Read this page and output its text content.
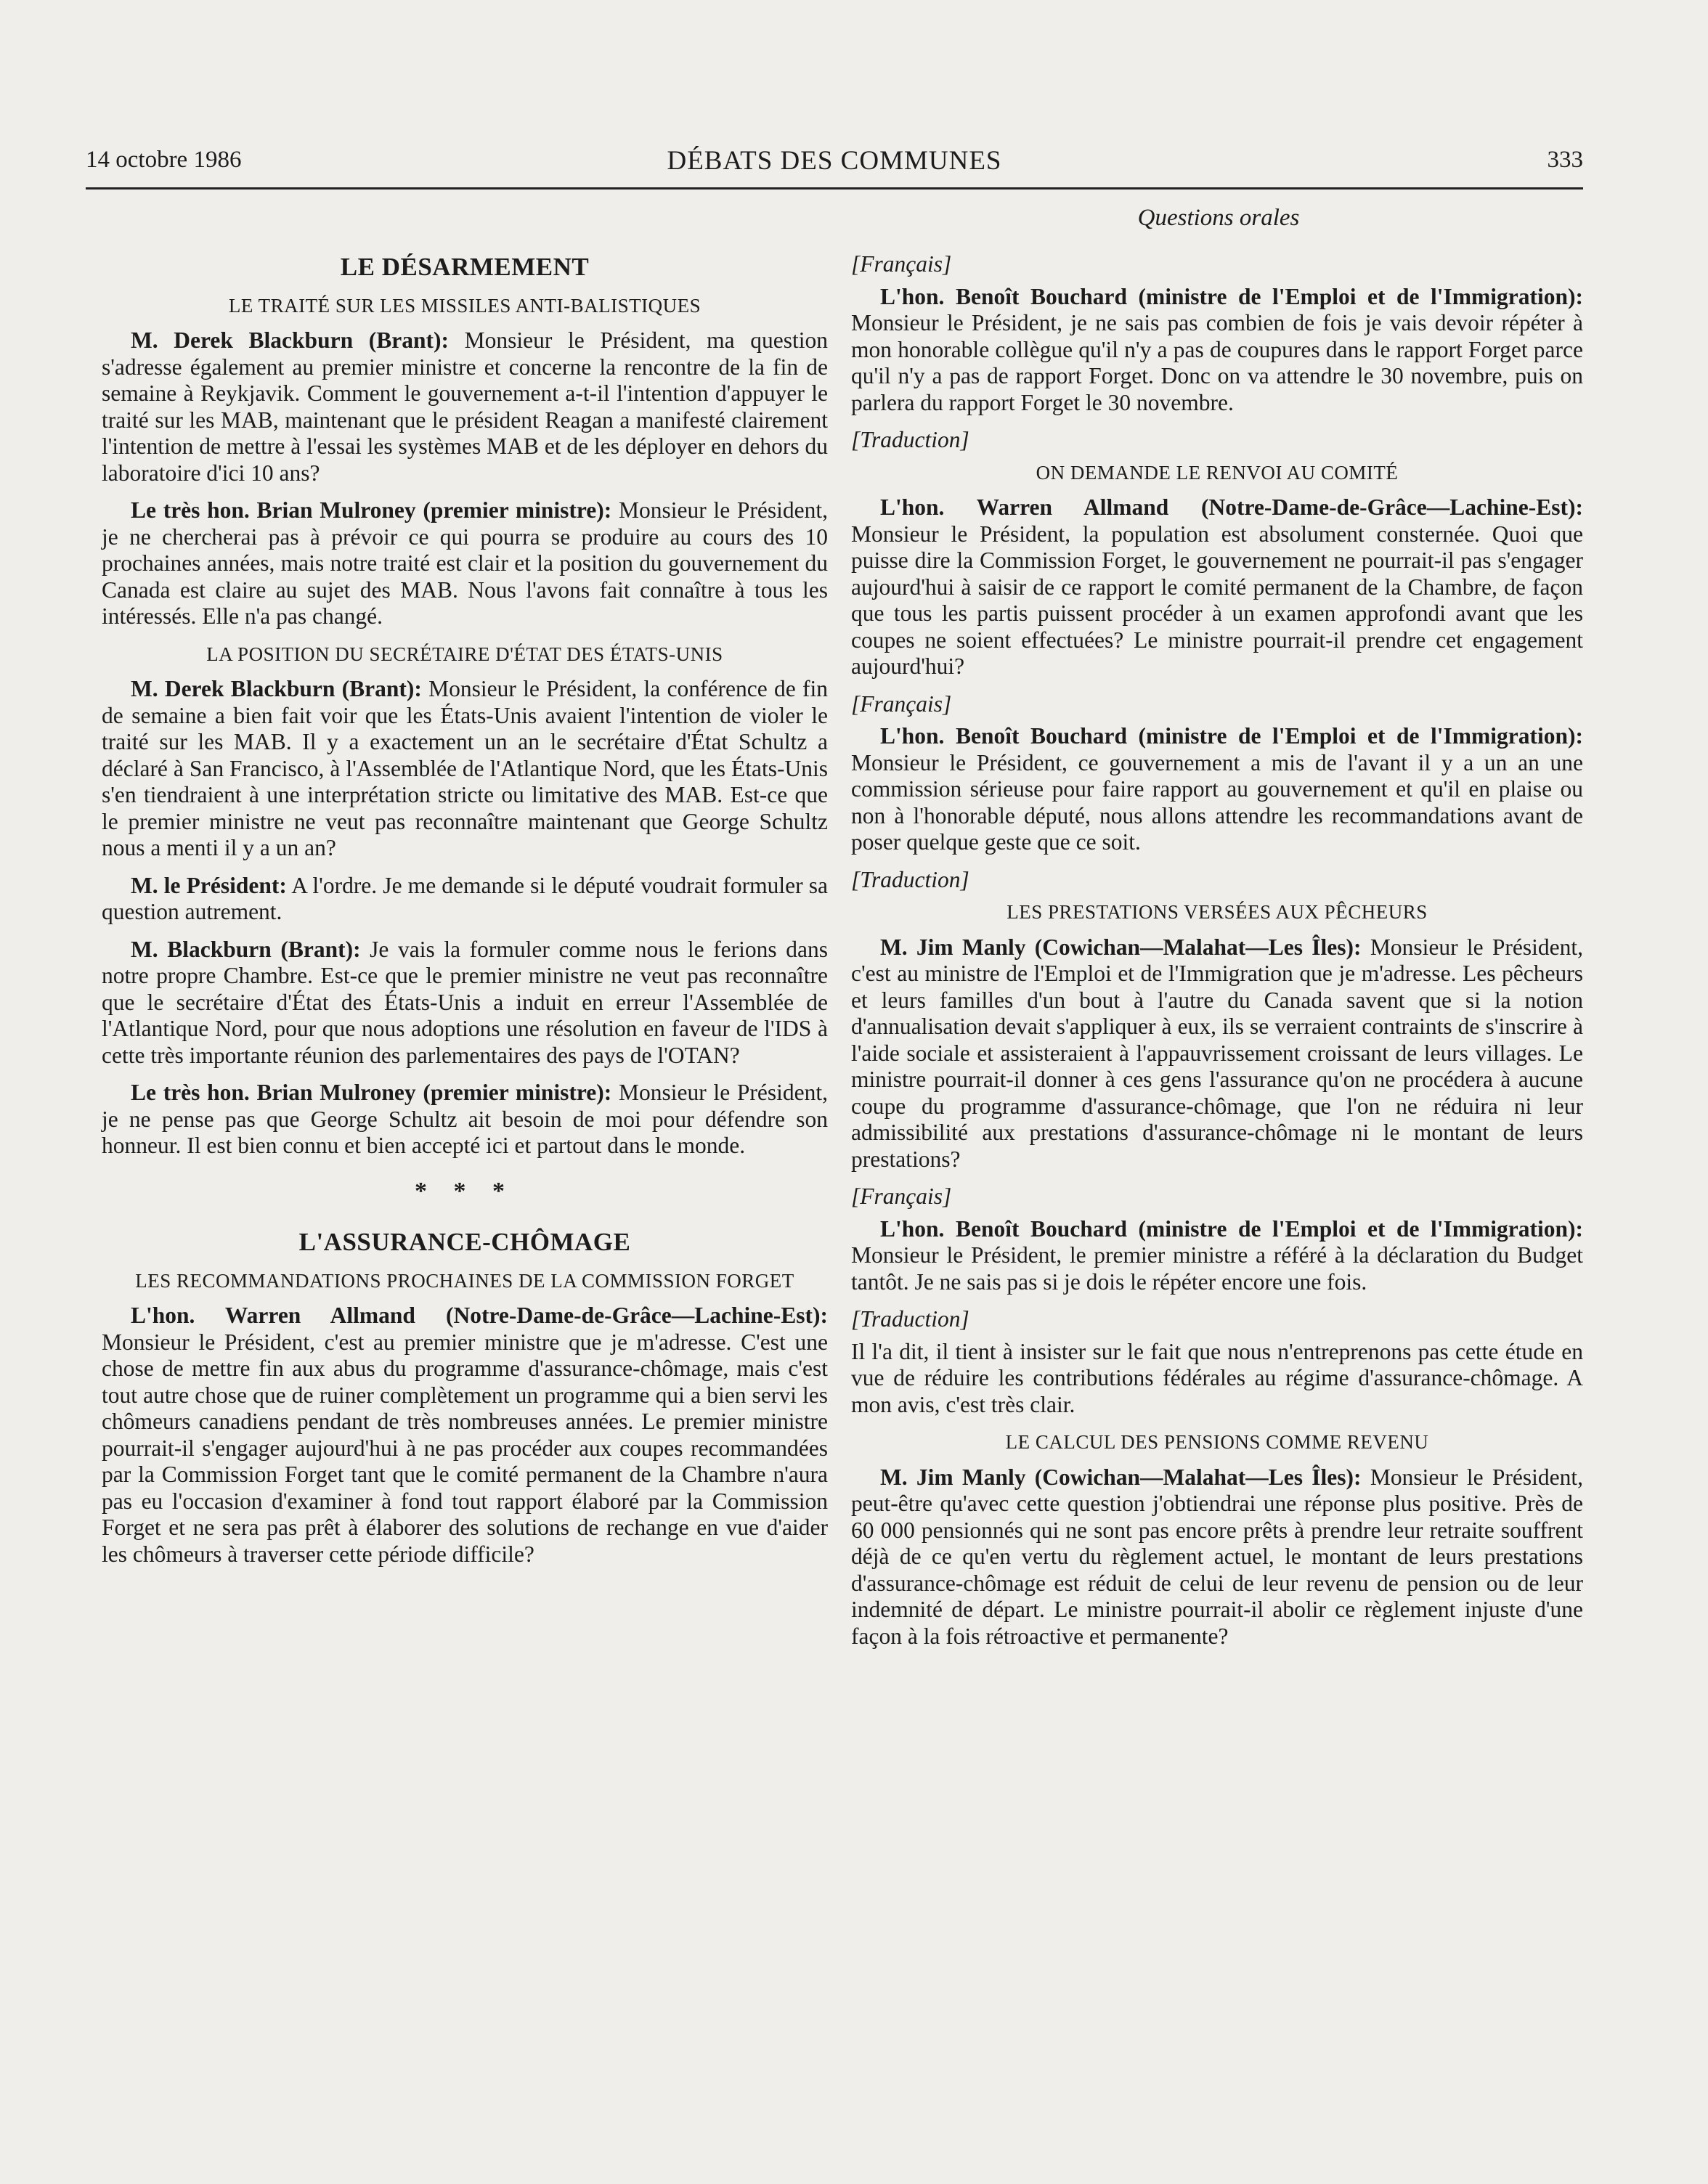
14 octobre 1986	DÉBATS DES COMMUNES	333
Questions orales
LE DÉSARMEMENT
LE TRAITÉ SUR LES MISSILES ANTI-BALISTIQUES

M. Derek Blackburn (Brant): Monsieur le Président, ma question s'adresse également au premier ministre et concerne la rencontre de la fin de semaine à Reykjavik. Comment le gouvernement a-t-il l'intention d'appuyer le traité sur les MAB, maintenant que le président Reagan a manifesté clairement l'intention de mettre à l'essai les systèmes MAB et de les déployer en dehors du laboratoire d'ici 10 ans?

Le très hon. Brian Mulroney (premier ministre): Monsieur le Président, je ne chercherai pas à prévoir ce qui pourra se produire au cours des 10 prochaines années, mais notre traité est clair et la position du gouvernement du Canada est claire au sujet des MAB. Nous l'avons fait connaître à tous les intéressés. Elle n'a pas changé.

LA POSITION DU SECRÉTAIRE D'ÉTAT DES ÉTATS-UNIS

M. Derek Blackburn (Brant): Monsieur le Président, la conférence de fin de semaine a bien fait voir que les États-Unis avaient l'intention de violer le traité sur les MAB. Il y a exactement un an le secrétaire d'État Schultz a déclaré à San Francisco, à l'Assemblée de l'Atlantique Nord, que les États-Unis s'en tiendraient à une interprétation stricte ou limitative des MAB. Est-ce que le premier ministre ne veut pas reconnaître maintenant que George Schultz nous a menti il y a un an?

M. le Président: A l'ordre. Je me demande si le député voudrait formuler sa question autrement.

M. Blackburn (Brant): Je vais la formuler comme nous le ferions dans notre propre Chambre. Est-ce que le premier ministre ne veut pas reconnaître que le secrétaire d'État des États-Unis a induit en erreur l'Assemblée de l'Atlantique Nord, pour que nous adoptions une résolution en faveur de l'IDS à cette très importante réunion des parlementaires des pays de l'OTAN?

Le très hon. Brian Mulroney (premier ministre): Monsieur le Président, je ne pense pas que George Schultz ait besoin de moi pour défendre son honneur. Il est bien connu et bien accepté ici et partout dans le monde.

* * *
L'ASSURANCE-CHÔMAGE
LES RECOMMANDATIONS PROCHAINES DE LA COMMISSION FORGET

L'hon. Warren Allmand (Notre-Dame-de-Grâce—Lachine-Est): Monsieur le Président, c'est au premier ministre que je m'adresse. C'est une chose de mettre fin aux abus du programme d'assurance-chômage, mais c'est tout autre chose que de ruiner complètement un programme qui a bien servi les chômeurs canadiens pendant de très nombreuses années. Le premier ministre pourrait-il s'engager aujourd'hui à ne pas procéder aux coupes recommandées par la Commission Forget tant que le comité permanent de la Chambre n'aura pas eu l'occasion d'examiner à fond tout rapport élaboré par la Commission Forget et ne sera pas prêt à élaborer des solutions de rechange en vue d'aider les chômeurs à traverser cette période difficile?

[Français]

L'hon. Benoît Bouchard (ministre de l'Emploi et de l'Immigration): Monsieur le Président, je ne sais pas combien de fois je vais devoir répéter à mon honorable collègue qu'il n'y a pas de coupures dans le rapport Forget parce qu'il n'y a pas de rapport Forget. Donc on va attendre le 30 novembre, puis on parlera du rapport Forget le 30 novembre.

[Traduction]
ON DEMANDE LE RENVOI AU COMITÉ

L'hon. Warren Allmand (Notre-Dame-de-Grâce—Lachine-Est): Monsieur le Président, la population est absolument consternée. Quoi que puisse dire la Commission Forget, le gouvernement ne pourrait-il pas s'engager aujourd'hui à saisir de ce rapport le comité permanent de la Chambre, de façon que tous les partis puissent procéder à un examen approfondi avant que les coupes ne soient effectuées? Le ministre pourrait-il prendre cet engagement aujourd'hui?

[Français]

L'hon. Benoît Bouchard (ministre de l'Emploi et de l'Immigration): Monsieur le Président, ce gouvernement a mis de l'avant il y a un an une commission sérieuse pour faire rapport au gouvernement et qu'il en plaise ou non à l'honorable député, nous allons attendre les recommandations avant de poser quelque geste que ce soit.

[Traduction]
LES PRESTATIONS VERSÉES AUX PÊCHEURS

M. Jim Manly (Cowichan—Malahat—Les Îles): Monsieur le Président, c'est au ministre de l'Emploi et de l'Immigration que je m'adresse. Les pêcheurs et leurs familles d'un bout à l'autre du Canada savent que si la notion d'annualisation devait s'appliquer à eux, ils se verraient contraints de s'inscrire à l'aide sociale et assisteraient à l'appauvrissement croissant de leurs villages. Le ministre pourrait-il donner à ces gens l'assurance qu'on ne procédera à aucune coupe du programme d'assurance-chômage, que l'on ne réduira ni leur admissibilité aux prestations d'assurance-chômage ni le montant de leurs prestations?

[Français]

L'hon. Benoît Bouchard (ministre de l'Emploi et de l'Immigration): Monsieur le Président, le premier ministre a référé à la déclaration du Budget tantôt. Je ne sais pas si je dois le répéter encore une fois.

[Traduction]

Il l'a dit, il tient à insister sur le fait que nous n'entreprenons pas cette étude en vue de réduire les contributions fédérales au régime d'assurance-chômage. A mon avis, c'est très clair.

LE CALCUL DES PENSIONS COMME REVENU

M. Jim Manly (Cowichan—Malahat—Les Îles): Monsieur le Président, peut-être qu'avec cette question j'obtiendrai une réponse plus positive. Près de 60 000 pensionnés qui ne sont pas encore prêts à prendre leur retraite souffrent déjà de ce qu'en vertu du règlement actuel, le montant de leurs prestations d'assurance-chômage est réduit de celui de leur revenu de pension ou de leur indemnité de départ. Le ministre pourrait-il abolir ce règlement injuste d'une façon à la fois rétroactive et permanente?
